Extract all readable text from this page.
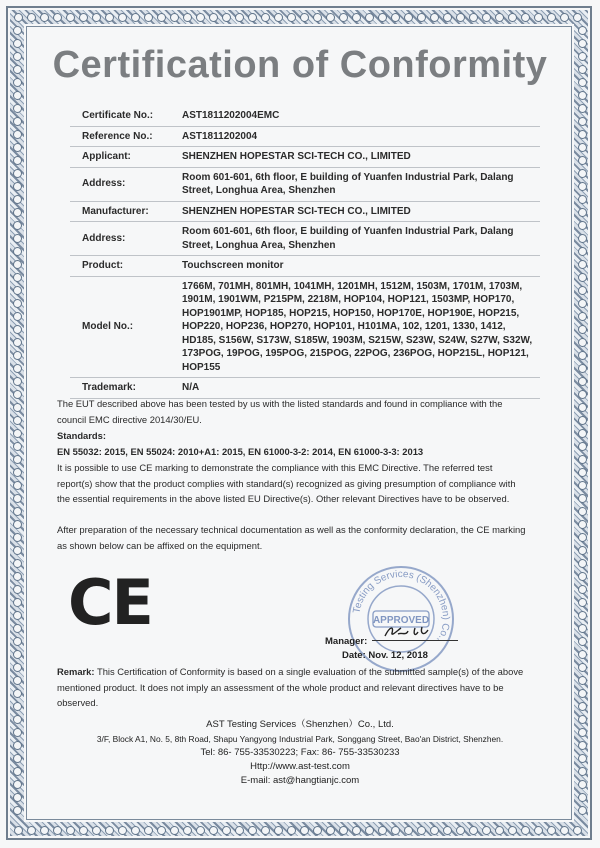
Certification of Conformity
Certificate No.:	AST1811202004EMC
Reference No.:	AST1811202004
Applicant:	SHENZHEN HOPESTAR SCI-TECH CO., LIMITED
Address:	Room 601-601, 6th floor, E building of Yuanfen Industrial Park, Dalang Street, Longhua Area, Shenzhen
Manufacturer:	SHENZHEN HOPESTAR SCI-TECH CO., LIMITED
Address:	Room 601-601, 6th floor, E building of Yuanfen Industrial Park, Dalang Street, Longhua Area, Shenzhen
Product:	Touchscreen monitor
Model No.:	1766M, 701MH, 801MH, 1041MH, 1201MH, 1512M, 1503M, 1701M, 1703M, 1901M, 1901WM, P215PM, 2218M, HOP104, HOP121, 1503MP, HOP170, HOP1901MP, HOP185, HOP215, HOP150, HOP170E, HOP190E, HOP215, HOP220, HOP236, HOP270, HOP101, H101MA, 102, 1201, 1330, 1412, HD185, S156W, S173W, S185W, 1903M, S215W, S23W, S24W, S27W, S32W, 173POG, 19POG, 195POG, 215POG, 22POG, 236POG, HOP215L, HOP121, HOP155
Trademark:	N/A
The EUT described above has been tested by us with the listed standards and found in compliance with the council EMC directive 2014/30/EU.
Standards:
EN 55032: 2015, EN 55024: 2010+A1: 2015, EN 61000-3-2: 2014, EN 61000-3-3: 2013
It is possible to use CE marking to demonstrate the compliance with this EMC Directive. The referred test report(s) show that the product complies with standard(s) recognized as giving presumption of compliance with the essential requirements in the above listed EU Directive(s). Other relevant Directives have to be observed.
After preparation of the necessary technical documentation as well as the conformity declaration, the CE marking as shown below can be affixed on the equipment.
CE	Testing Services (Shenzhen) Co.,
APPROVED
Manager:
Date: Nov. 12, 2018
Remark: This Certification of Conformity is based on a single evaluation of the submitted sample(s) of the above mentioned product. It does not imply an assessment of the whole product and relevant directives have to be observed.
AST Testing Services（Shenzhen）Co., Ltd.
3/F, Block A1, No. 5, 8th Road, Shapu Yangyong Industrial Park, Songgang Street, Bao'an District, Shenzhen.
Tel: 86- 755-33530223; Fax: 86- 755-33530233
Http://www.ast-test.com
E-mail: ast@hangtianjc.com
